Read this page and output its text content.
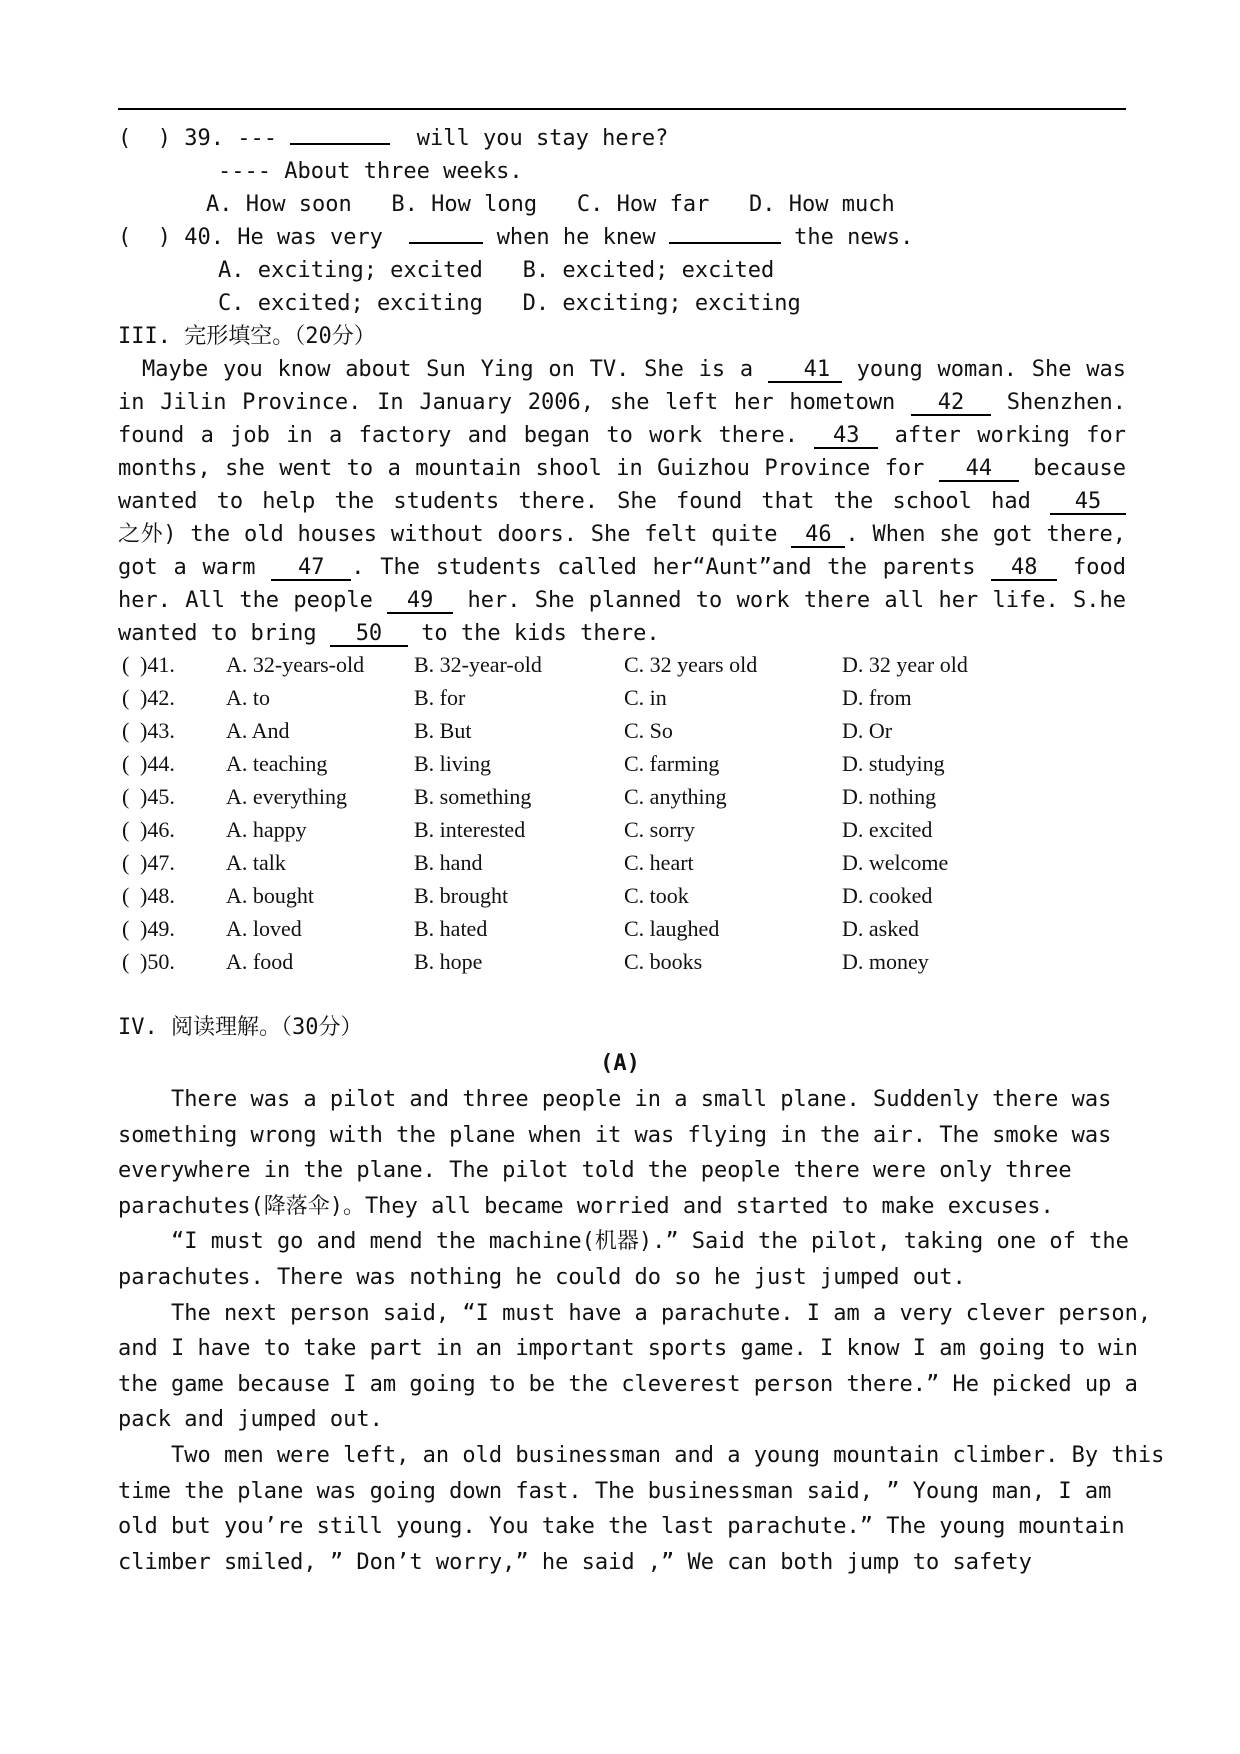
(  ) 39. ---	will you stay here?
---- About three weeks.
A. How soon   B. How long   C. How far   D. How much
(  ) 40. He was very	when he knew	the news.
A. exciting; excited   B. excited; excited
C. excited; exciting   D. exciting; exciting
III. 完形填空。（20分）
Maybe you know about Sun Ying on TV. She is a 41 young woman. She was
in Jilin Province. In January 2006, she left her hometown 42 Shenzhen.
found a job in a factory and began to work there. 43 after working for
months, she went to a mountain shool in Guizhou Province for 44 because
wanted to help the students there. She found that the school had 45
之外) the old houses without doors. She felt quite 46 . When she got there,
got a warm 47 . The students called her“Aunt”and the parents 48 food
her. All the people 49 her. She planned to work there all her life. S.he
wanted to bring 50 to the kids there.
( )41. A. 32-years-old B. 32-year-old	C. 32 years old	D. 32 year old
( )42. A. to	B. for	C. in	D. from
( )43. A. And	B. But	C. So	D. Or
( )44. A. teaching	B. living	C. farming	D. studying
( )45. A. everything	B. something	C. anything	D. nothing
( )46. A. happy	B. interested	C. sorry	D. excited
( )47. A. talk	B. hand	C. heart	D. welcome
( )48. A. bought	B. brought	C. took	D. cooked
( )49. A. loved	B. hated	C. laughed	D. asked
( )50. A. food	B. hope	C. books	D. money
IV. 阅读理解。（30分）
(A)
There was a pilot and three people in a small plane. Suddenly there was
something wrong with the plane when it was flying in the air. The smoke was
everywhere in the plane. The pilot told the people there were only three
parachutes(降落伞)。They all became worried and started to make excuses.
“I must go and mend the machine(机器).” Said the pilot, taking one of the
parachutes. There was nothing he could do so he just jumped out.
The next person said, “I must have a parachute. I am a very clever person,
and I have to take part in an important sports game. I know I am going to win
the game because I am going to be the cleverest person there.” He picked up a
pack and jumped out.
Two men were left, an old businessman and a young mountain climber. By this
time the plane was going down fast. The businessman said, ” Young man, I am
old but you’re still young. You take the last parachute.” The young mountain
climber smiled, ” Don’t worry,” he said ,” We can both jump to safety
